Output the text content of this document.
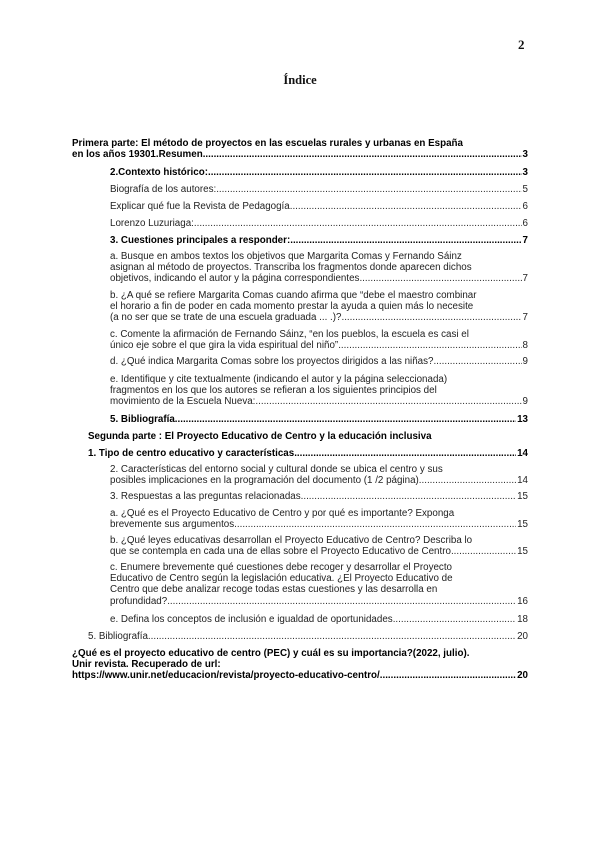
2
Índice
Primera parte: El método de proyectos en las escuelas rurales y urbanas en España
en los años 19301.Resumen .....	3
2.Contexto histórico: .....	3
Biografía de los autores: .....	5
Explicar qué fue la Revista de Pedagogía .....	6
Lorenzo Luzuriaga: .....	6
3. Cuestiones principales a responder: .....	7
a. Busque en ambos textos los objetivos que Margarita Comas y Fernando Sáinz
asignan al método de proyectos. Transcriba los fragmentos donde aparecen dichos
objetivos, indicando el autor y la página correspondientes .....	7
b. ¿A qué se refiere Margarita Comas cuando afirma que “debe el maestro combinar
el horario a fin de poder en cada momento prestar la ayuda a quien más lo necesite
(a no ser que se trate de una escuela graduada ... .)? .....	7
c. Comente la afirmación de Fernando Sáinz, “en los pueblos, la escuela es casi el
único eje sobre el que gira la vida espiritual del niño” .....	8
d. ¿Qué indica Margarita Comas sobre los proyectos dirigidos a las niñas? .....	9
e. Identifique y cite textualmente (indicando el autor y la página seleccionada)
fragmentos en los que los autores se refieran a los siguientes principios del
movimiento de la Escuela Nueva: .....	9
5. Bibliografía .....	13
Segunda parte : El Proyecto Educativo de Centro y la educación inclusiva
1. Tipo de centro educativo y características .....	14
2. Características del entorno social y cultural donde se ubica el centro y sus
posibles implicaciones en la programación del documento (1 /2 página) .....	14
3. Respuestas a las preguntas relacionadas .....	15
a. ¿Qué es el Proyecto Educativo de Centro y por qué es importante? Exponga
brevemente sus argumentos .....	15
b. ¿Qué leyes educativas desarrollan el Proyecto Educativo de Centro? Describa lo
que se contempla en cada una de ellas sobre el Proyecto Educativo de Centro .....	15
c. Enumere brevemente qué cuestiones debe recoger y desarrollar el Proyecto
Educativo de Centro según la legislación educativa. ¿El Proyecto Educativo de
Centro que debe analizar recoge todas estas cuestiones y las desarrolla en
profundidad? .....	16
e. Defina los conceptos de inclusión e igualdad de oportunidades .....	18
5. Bibliografía .....	20
¿Qué es el proyecto educativo de centro (PEC) y cuál es su importancia?(2022, julio).
Unir revista. Recuperado de url:
https://www.unir.net/educacion/revista/proyecto-educativo-centro/ .....	20
